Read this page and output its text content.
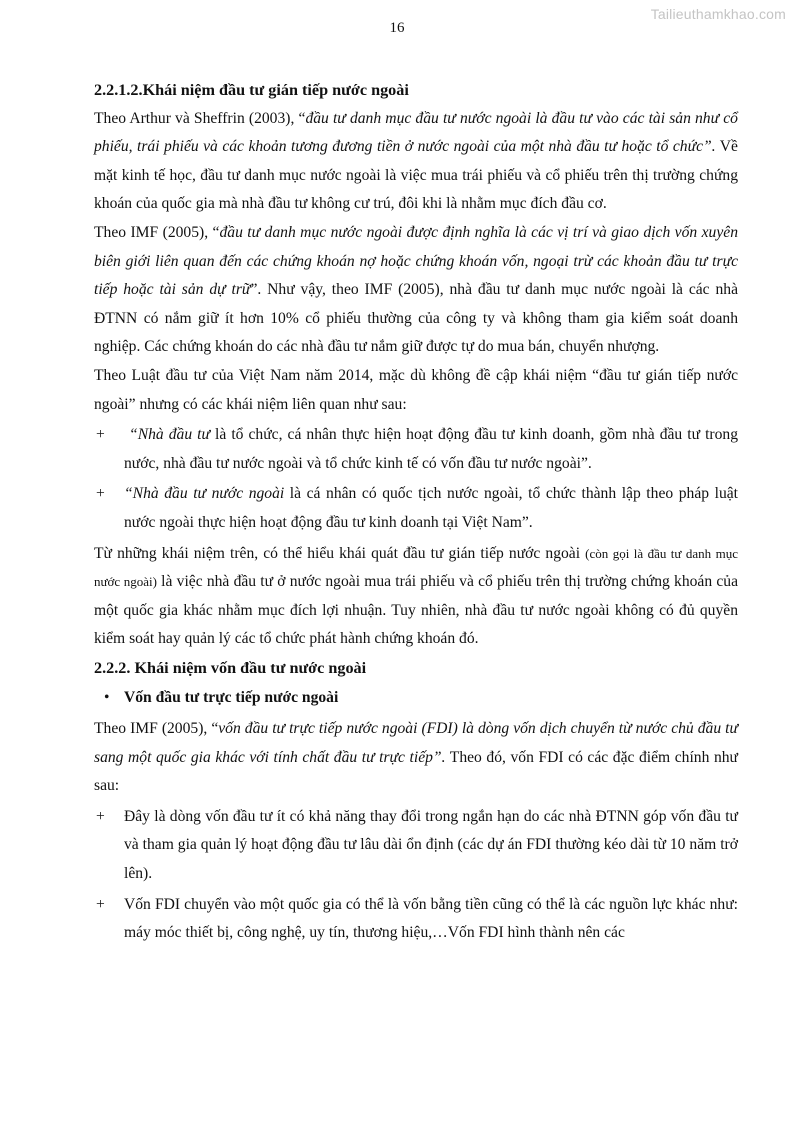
Tailieuthamkhao.com
16

2.2.1.2.Khái niệm đầu tư gián tiếp nước ngoài

Theo Arthur và Sheffrin (2003), “đầu tư danh mục đầu tư nước ngoài là đầu tư vào các tài sản như cổ phiếu, trái phiếu và các khoản tương đương tiền ở nước ngoài của một nhà đầu tư hoặc tổ chức”. Về mặt kinh tế học, đầu tư danh mục nước ngoài là việc mua trái phiếu và cổ phiếu trên thị trường chứng khoán của quốc gia mà nhà đầu tư không cư trú, đôi khi là nhằm mục đích đầu cơ.

Theo IMF (2005), “đầu tư danh mục nước ngoài được định nghĩa là các vị trí và giao dịch vốn xuyên biên giới liên quan đến các chứng khoán nợ hoặc chứng khoán vốn, ngoại trừ các khoản đầu tư trực tiếp hoặc tài sản dự trữ”. Như vậy, theo IMF (2005), nhà đầu tư danh mục nước ngoài là các nhà ĐTNN có nắm giữ ít hơn 10% cổ phiếu thường của công ty và không tham gia kiểm soát doanh nghiệp. Các chứng khoán do các nhà đầu tư nắm giữ được tự do mua bán, chuyển nhượng.

Theo Luật đầu tư của Việt Nam năm 2014, mặc dù không đề cập khái niệm “đầu tư gián tiếp nước ngoài” nhưng có các khái niệm liên quan như sau:

+	“Nhà đầu tư là tổ chức, cá nhân thực hiện hoạt động đầu tư kinh doanh, gồm nhà đầu tư trong nước, nhà đầu tư nước ngoài và tổ chức kinh tế có vốn đầu tư nước ngoài”.
+	“Nhà đầu tư nước ngoài là cá nhân có quốc tịch nước ngoài, tổ chức thành lập theo pháp luật nước ngoài thực hiện hoạt động đầu tư kinh doanh tại Việt Nam”.

Từ những khái niệm trên, có thể hiểu khái quát đầu tư gián tiếp nước ngoài (còn gọi là đầu tư danh mục nước ngoài) là việc nhà đầu tư ở nước ngoài mua trái phiếu và cổ phiếu trên thị trường chứng khoán của một quốc gia khác nhằm mục đích lợi nhuận. Tuy nhiên, nhà đầu tư nước ngoài không có đủ quyền kiểm soát hay quản lý các tổ chức phát hành chứng khoán đó.

2.2.2. Khái niệm vốn đầu tư nước ngoài

• Vốn đầu tư trực tiếp nước ngoài

Theo IMF (2005), “vốn đầu tư trực tiếp nước ngoài (FDI) là dòng vốn dịch chuyển từ nước chủ đầu tư sang một quốc gia khác với tính chất đầu tư trực tiếp”. Theo đó, vốn FDI có các đặc điểm chính như sau:

+	Đây là dòng vốn đầu tư ít có khả năng thay đổi trong ngắn hạn do các nhà ĐTNN góp vốn đầu tư và tham gia quản lý hoạt động đầu tư lâu dài ổn định (các dự án FDI thường kéo dài từ 10 năm trở lên).
+	Vốn FDI chuyển vào một quốc gia có thể là vốn bằng tiền cũng có thể là các nguồn lực khác như: máy móc thiết bị, công nghệ, uy tín, thương hiệu,…Vốn FDI hình thành nên các
